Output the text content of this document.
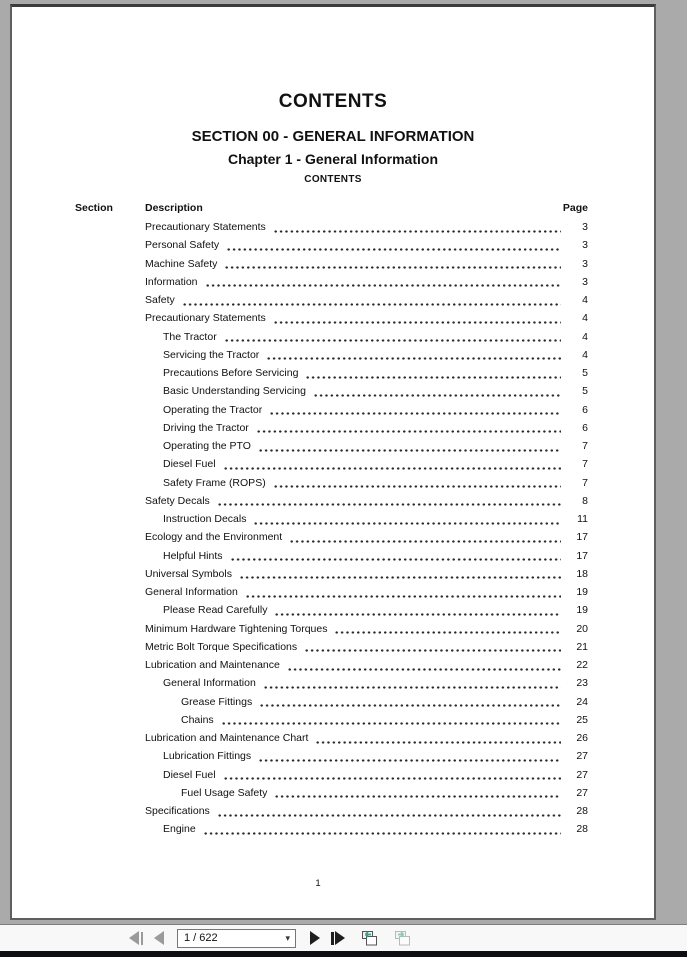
CONTENTS
SECTION 00 - GENERAL INFORMATION
Chapter 1 - General Information
CONTENTS
Section	Description	Page
Precautionary Statements	3
Personal Safety	3
Machine Safety	3
Information	3
Safety	4
Precautionary Statements	4
The Tractor	4
Servicing the Tractor	4
Precautions Before Servicing	5
Basic Understanding Servicing	5
Operating the Tractor	6
Driving the Tractor	6
Operating the PTO	7
Diesel Fuel	7
Safety Frame (ROPS)	7
Safety Decals	8
Instruction Decals	11
Ecology and the Environment	17
Helpful Hints	17
Universal Symbols	18
General Information	19
Please Read Carefully	19
Minimum Hardware Tightening Torques	20
Metric Bolt Torque Specifications	21
Lubrication and Maintenance	22
General Information	23
Grease Fittings	24
Chains	25
Lubrication and Maintenance Chart	26
Lubrication Fittings	27
Diesel Fuel	27
Fuel Usage Safety	27
Specifications	28
Engine	28
1
1 / 622
▾
